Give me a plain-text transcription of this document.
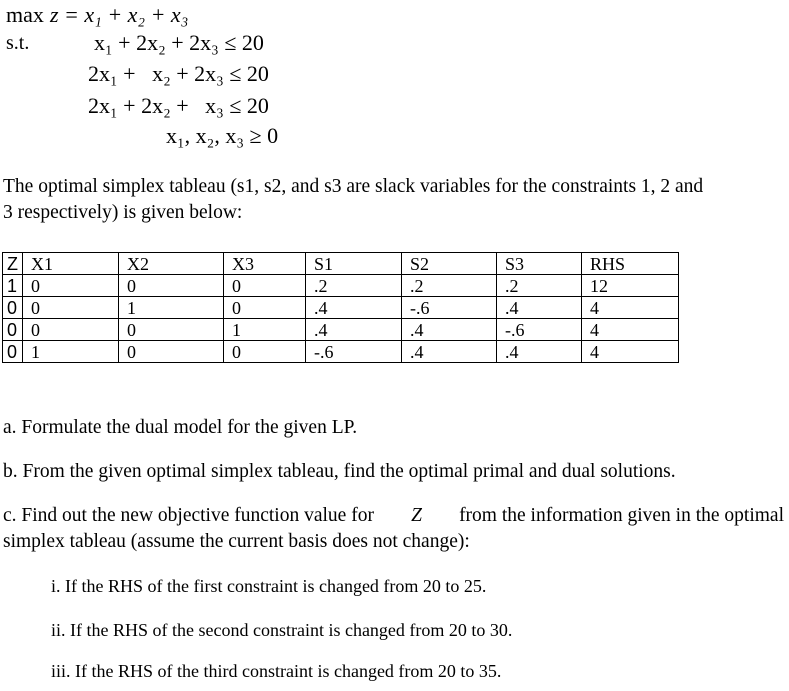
max z = x₁ + x₂ + x₃
s.t.	x₁ + 2x₂ + 2x₃ ≤ 20
2x₁ +   x₂ + 2x₃ ≤ 20
2x₁ + 2x₂ +   x₃ ≤ 20
x₁, x₂, x₃ ≥ 0
The optimal simplex tableau (s1, s2, and s3 are slack variables for the constraints 1, 2 and
3 respectively) is given below:
Z	X1	X2	X3	S1	S2	S3	RHS
1	0	0	0	.2	.2	.2	12
0	0	1	0	.4	-.6	.4	4
0	0	0	1	.4	.4	-.6	4
0	1	0	0	-.6	.4	.4	4
a. Formulate the dual model for the given LP.
b. From the given optimal simplex tableau, find the optimal primal and dual solutions.
c. Find out the new objective function value for Z from the information given in the optimal
simplex tableau (assume the current basis does not change):
i. If the RHS of the first constraint is changed from 20 to 25.
ii. If the RHS of the second constraint is changed from 20 to 30.
iii. If the RHS of the third constraint is changed from 20 to 35.
